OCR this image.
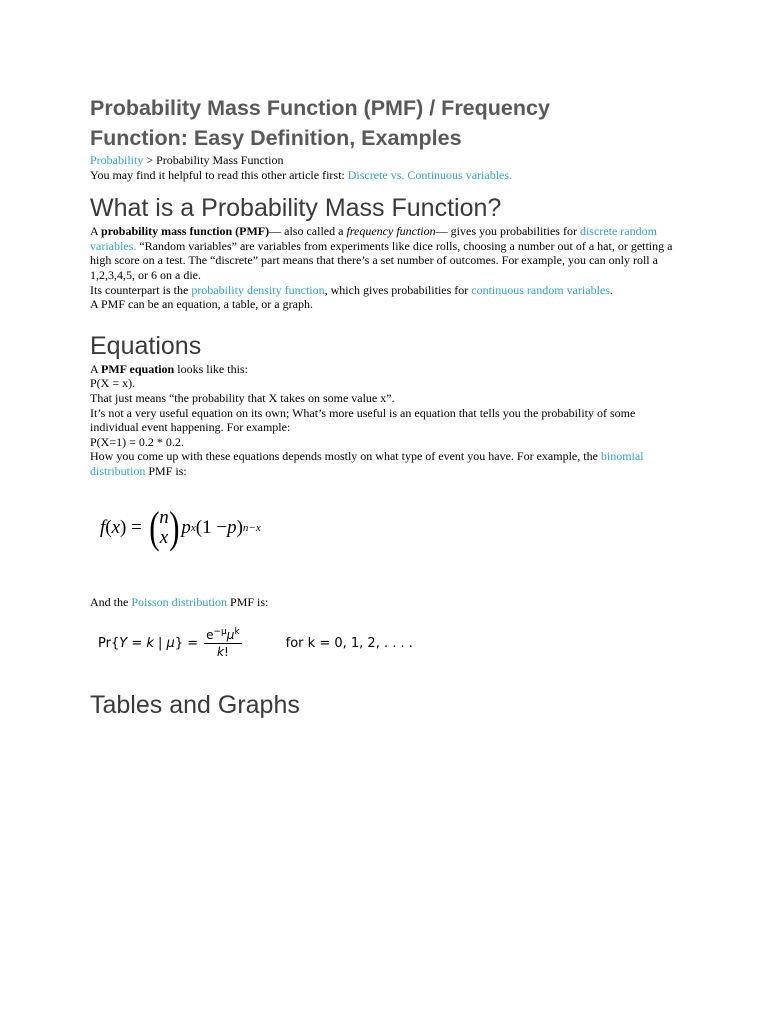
Probability Mass Function (PMF) / Frequency
Function: Easy Definition, Examples

Probability > Probability Mass Function

You may find it helpful to read this other article first: Discrete vs. Continuous variables.

What is a Probability Mass Function?

A probability mass function (PMF)— also called a frequency function— gives you probabilities for discrete random variables. “Random variables” are variables from experiments like dice rolls, choosing a number out of a hat, or getting a high score on a test. The “discrete” part means that there’s a set number of outcomes. For example, you can only roll a 1,2,3,4,5, or 6 on a die.

Its counterpart is the probability density function, which gives probabilities for continuous random variables.

A PMF can be an equation, a table, or a graph.

Equations

A PMF equation looks like this:

P(X = x).

That just means “the probability that X takes on some value x”.

It’s not a very useful equation on its own; What’s more useful is an equation that tells you the probability of some individual event happening. For example:

P(X=1) = 0.2 * 0.2.

How you come up with these equations depends mostly on what type of event you have. For example, the binomial distribution PMF is:

f ( x ) = ( n
x ) p x (1 − p ) n−x

And the Poisson distribution PMF is:

Pr{Y = k | $\mu\} = \frac{e^{-\mu}\mu^k}{k!}$	for k = 0, 1, 2, . . . .
Tables and Graphs
